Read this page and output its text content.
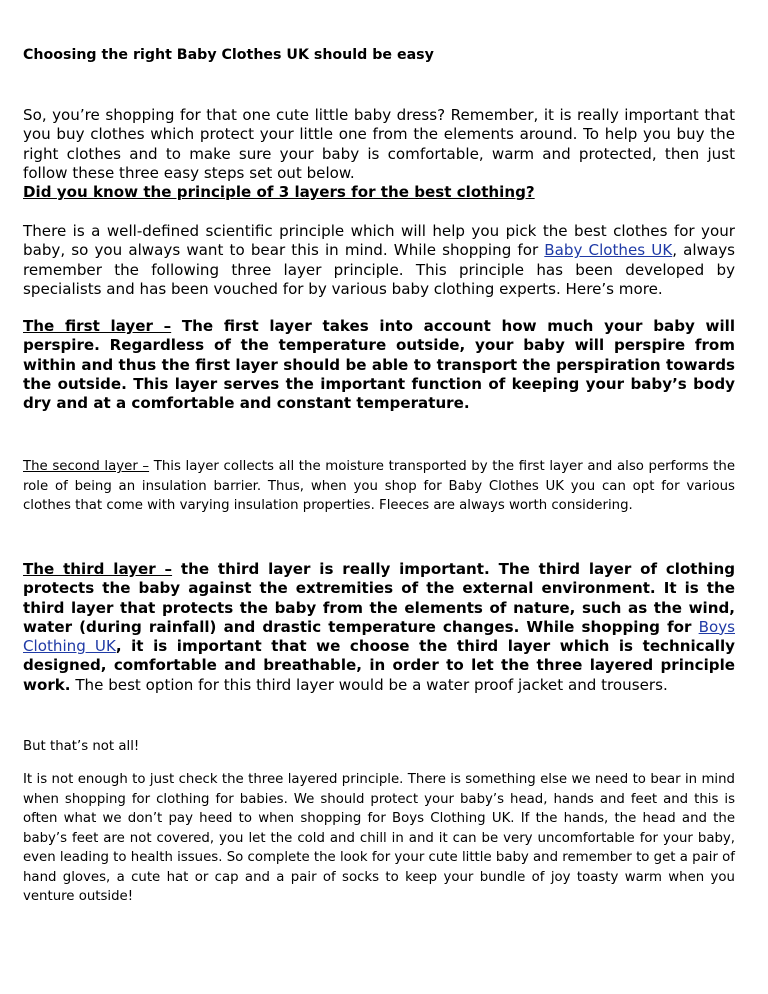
Choosing the right Baby Clothes UK should be easy

So, you’re shopping for that one cute little baby dress? Remember, it is really important that you buy clothes which protect your little one from the elements around. To help you buy the right clothes and to make sure your baby is comfortable, warm and protected, then just follow these three easy steps set out below.

Did you know the principle of 3 layers for the best clothing?

There is a well-defined scientific principle which will help you pick the best clothes for your baby, so you always want to bear this in mind. While shopping for Baby Clothes UK, always remember the following three layer principle. This principle has been developed by specialists and has been vouched for by various baby clothing experts. Here’s more.

The first layer – The first layer takes into account how much your baby will perspire. Regardless of the temperature outside, your baby will perspire from within and thus the first layer should be able to transport the perspiration towards the outside. This layer serves the important function of keeping your baby’s body dry and at a comfortable and constant temperature.

The second layer – This layer collects all the moisture transported by the first layer and also performs the role of being an insulation barrier. Thus, when you shop for Baby Clothes UK you can opt for various clothes that come with varying insulation properties. Fleeces are always worth considering.

The third layer – the third layer is really important. The third layer of clothing protects the baby against the extremities of the external environment. It is the third layer that protects the baby from the elements of nature, such as the wind, water (during rainfall) and drastic temperature changes. While shopping for Boys Clothing UK, it is important that we choose the third layer which is technically designed, comfortable and breathable, in order to let the three layered principle work. The best option for this third layer would be a water proof jacket and trousers.

But that’s not all!

It is not enough to just check the three layered principle. There is something else we need to bear in mind when shopping for clothing for babies. We should protect your baby’s head, hands and feet and this is often what we don’t pay heed to when shopping for Boys Clothing UK. If the hands, the head and the baby’s feet are not covered, you let the cold and chill in and it can be very uncomfortable for your baby, even leading to health issues. So complete the look for your cute little baby and remember to get a pair of hand gloves, a cute hat or cap and a pair of socks to keep your bundle of joy toasty warm when you venture outside!
